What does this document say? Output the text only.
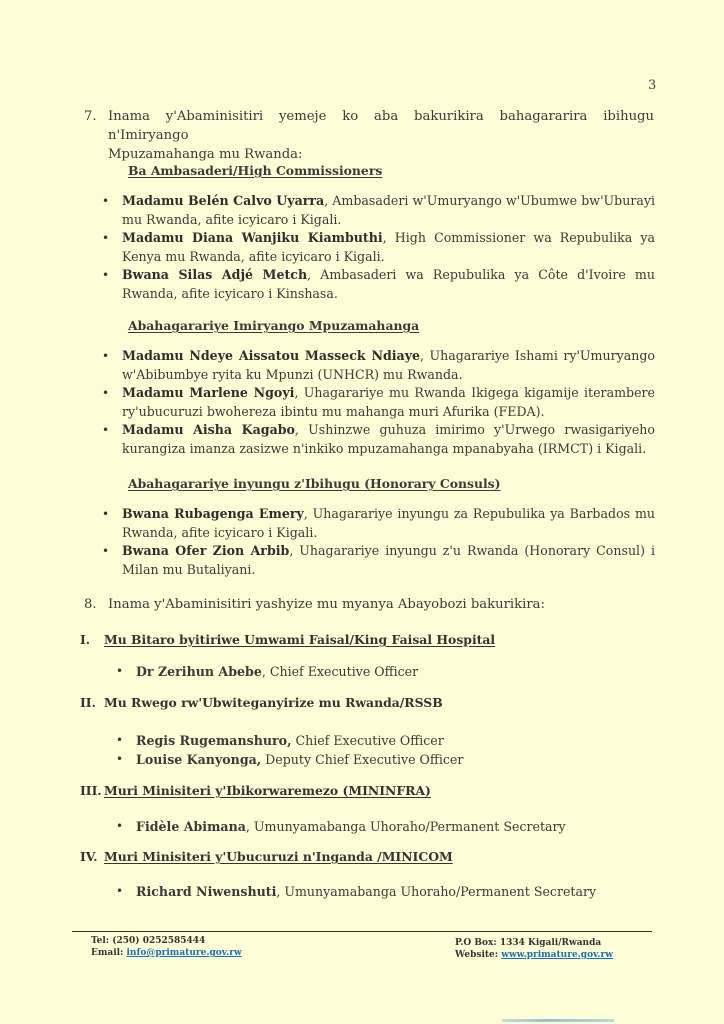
3
7. Inama y'Abaminisitiri yemeje ko aba bakurikira bahagararira ibihugu n'Imiryango
Mpuzamahanga mu Rwanda:
Ba Ambasaderi/High Commissioners
• Madamu Belén Calvo Uyarra, Ambasaderi w'Umuryango w'Ubumwe bw'Uburayi mu Rwanda, afite icyicaro i Kigali.
• Madamu Diana Wanjiku Kiambuthi, High Commissioner wa Repubulika ya Kenya mu Rwanda, afite icyicaro i Kigali.
• Bwana Silas Adjé Metch, Ambasaderi wa Repubulika ya Côte d'Ivoire mu Rwanda, afite icyicaro i Kinshasa.
Abahagarariye Imiryango Mpuzamahanga
• Madamu Ndeye Aissatou Masseck Ndiaye, Uhagarariye Ishami ry'Umuryango w'Abibumbye ryita ku Mpunzi (UNHCR) mu Rwanda.
• Madamu Marlene Ngoyi, Uhagarariye mu Rwanda Ikigega kigamije iterambere ry'ubucuruzi bwohereza ibintu mu mahanga muri Afurika (FEDA).
• Madamu Aisha Kagabo, Ushinzwe guhuza imirimo y'Urwego rwasigariyeho kurangiza imanza zasizwe n'inkiko mpuzamahanga mpanabyaha (IRMCT) i Kigali.
Abahagarariye inyungu z'Ibihugu (Honorary Consuls)
• Bwana Rubagenga Emery, Uhagarariye inyungu za Repubulika ya Barbados mu Rwanda, afite icyicaro i Kigali.
• Bwana Ofer Zion Arbib, Uhagarariye inyungu z'u Rwanda (Honorary Consul) i Milan mu Butaliyani.
8. Inama y'Abaminisitiri yashyize mu myanya Abayobozi bakurikira:
I. Mu Bitaro byitiriwe Umwami Faisal/King Faisal Hospital
• Dr Zerihun Abebe, Chief Executive Officer
II. Mu Rwego rw'Ubwiteganyirize mu Rwanda/RSSB
• Regis Rugemanshuro, Chief Executive Officer
• Louise Kanyonga, Deputy Chief Executive Officer
III. Muri Minisiteri y'Ibikorwaremezo (MININFRA)
• Fidèle Abimana, Umunyamabanga Uhoraho/Permanent Secretary
IV. Muri Minisiteri y'Ubucuruzi n'Inganda /MINICOM
• Richard Niwenshuti, Umunyamabanga Uhoraho/Permanent Secretary
Tel: (250) 0252585444
Email: info@primature.gov.rw
P.O Box: 1334 Kigali/Rwanda
Website: www.primature.gov.rw
